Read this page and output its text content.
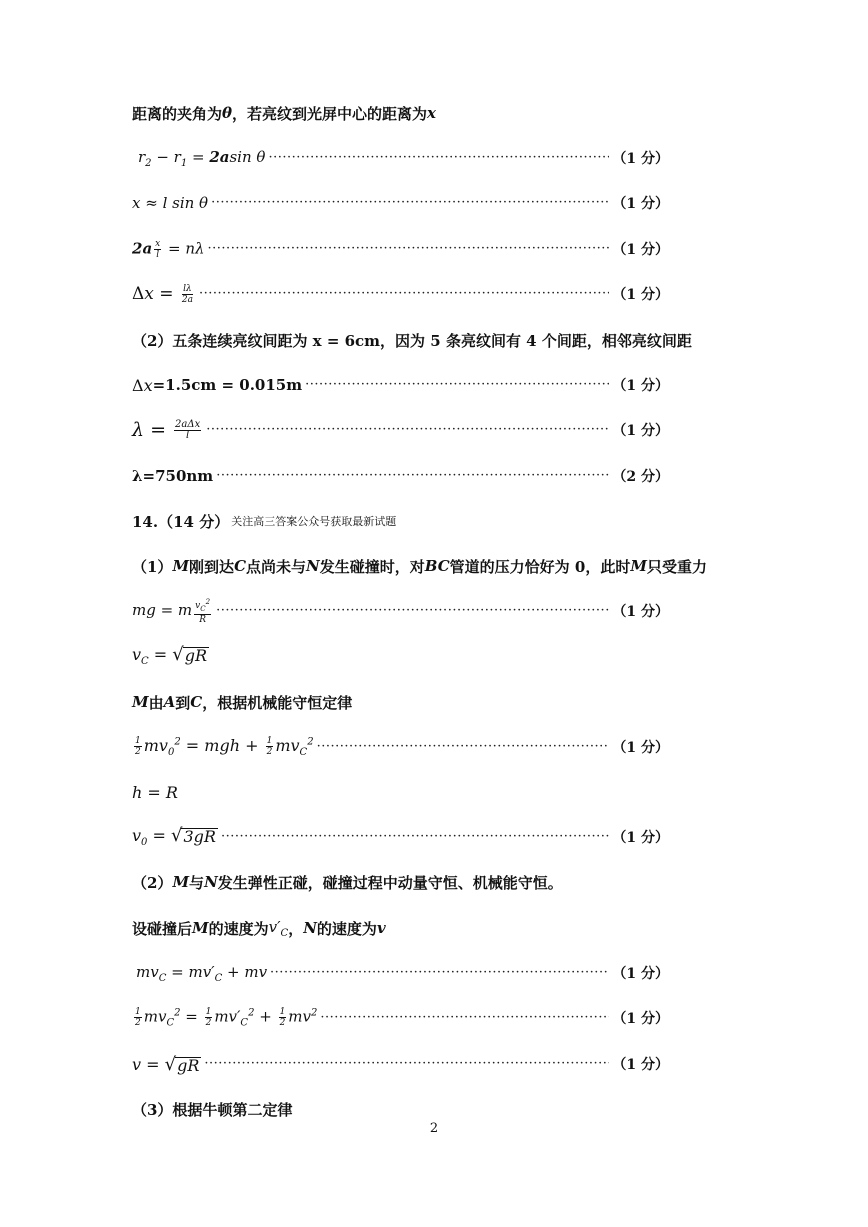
距离的夹角为 θ ，若亮纹到光屏中心的距离为 x
$r_2 - r_1 = 2asin$ θ ·····	（1 分）
x ≈ l sin θ ·····	（1 分）
$2a \frac{x}{l} = n\lambda$ ·····	（1 分）
$\Delta x = \frac{l\lambda}{2a}$ ·····	（1 分）
（2）五条连续亮纹间距为 x = 6cm，因为 5 条亮纹间有 4 个间距，相邻亮纹间距
Δx =1.5cm = 0.015m ·····	（1 分）
$\lambda = \frac{\text{2aΔx}}{l}$ ·····	（1 分）
λ=750nm ·····	（2 分）
14.（14 分） 关注高三答案公众号获取最新试题
（1） M 刚到达 C 点尚未与 N 发生碰撞时，对 BC 管道的压力恰好为 0，此时 M 只受重力
mg = m $\frac{v_C^2}{R}$ ·····	（1 分）
$v_C$ = √ gR
M 由 A 到 C ，根据机械能守恒定律
$\frac{1}{2} mv_0^2$ = mgh + $\frac{1}{2} mv_C^2$ ·····	（1 分）
h = R
$v_0$ = √ 3gR ·····	（1 分）
（2） M 与 N 发生弹性正碰，碰撞过程中动量守恒、机械能守恒。
设碰撞后 M 的速度为 $v'_C$ ， N 的速度为 v
$mv_C = mv'_C$ + mv ·····	（1 分）
$\frac{1}{2} mv_C^2 = \frac{1}{2} mv'_C^2 + \frac{1}{2} mv^2$ ·····	（1 分）
v = √ gR ·····	（1 分）
（3）根据牛顿第二定律
2
